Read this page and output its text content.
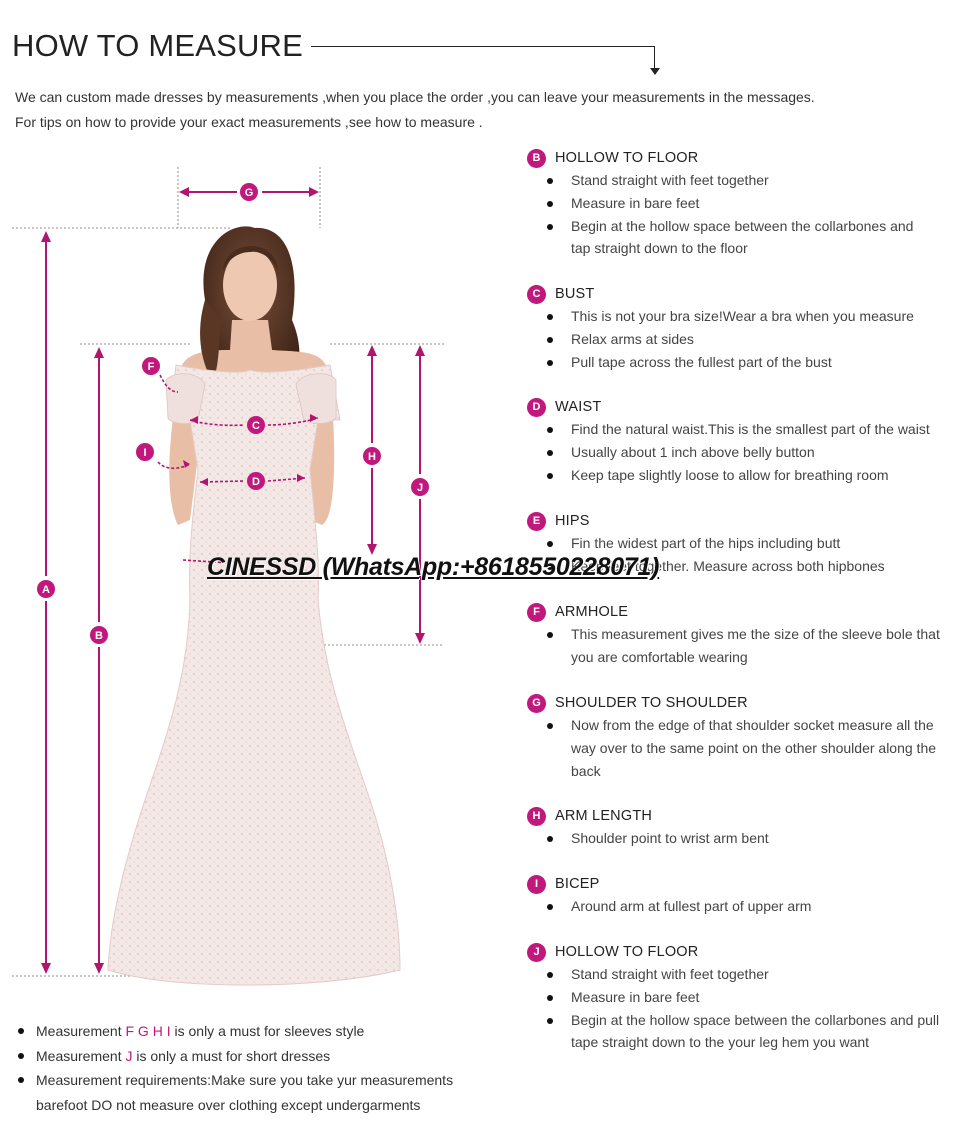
HOW TO MEASURE
We can custom made dresses by measurements ,when you place the order ,you can leave your measurements in the messages.
For tips on how to provide your exact measurements ,see how to measure .
G
F
C
I
D
H
J
A
B
B	HOLLOW TO FLOOR
Stand straight with feet together
Measure in bare feet
Begin at the hollow space between the collarbones and
tap straight down to the floor
C	BUST
This is not your bra size!Wear a bra when you measure
Relax arms at sides
Pull tape across the fullest part of the bust
D	WAIST
Find the natural waist.This is the smallest part of the waist
Usually about 1 inch above belly button
Keep tape slightly loose to allow for breathing room
E	HIPS
Fin the widest part of the hips including butt
Keep feet together. Measure across both hipbones
F	ARMHOLE
This measurement gives me the size of the sleeve bole that
you are comfortable wearing
G SHOULDER TO SHOULDER
Now from the edge of that shoulder socket measure all the
way over to the same point on the other shoulder along the
back
H	ARM LENGTH
Shoulder point to wrist arm bent
I	BICEP
Around arm at fullest part of upper arm
J	HOLLOW TO FLOOR
Stand straight with feet together
Measure in bare feet
Begin at the hollow space between the collarbones and pull
tape straight down to the your leg hem you want
Measurement F G H I is only a must for sleeves style
Measurement J is only a must for short dresses
Measurement requirements:Make sure you take yur measurements
barefoot DO not measure over clothing except undergarments
CINESSD (WhatsApp:+8618550228071)
